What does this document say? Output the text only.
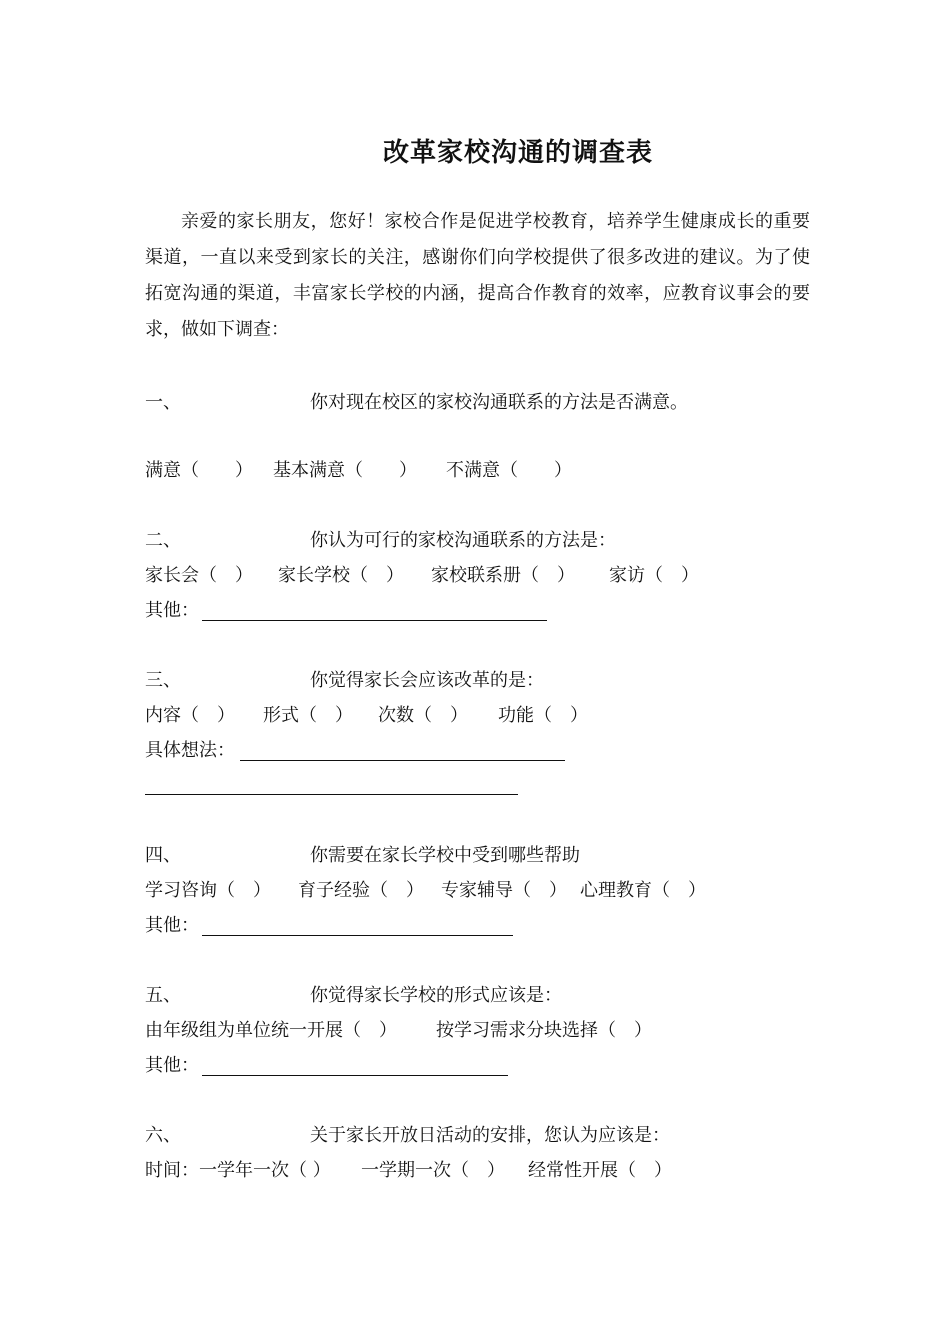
改革家校沟通的调查表
亲爱的家长朋友，您好！家校合作是促进学校教育，培养学生健康成长的重要渠道，一直以来受到家长的关注，感谢你们向学校提供了很多改进的建议。为了使拓宽沟通的渠道，丰富家长学校的内涵，提高合作教育的效率，应教育议事会的要求，做如下调查：
一、	你对现在校区的家校沟通联系的方法是否满意。
满意（　　） 基本满意（　　） 不满意（　　）
二、	你认为可行的家校沟通联系的方法是：
家长会（　） 家长学校（　） 家校联系册（　） 家访（　）
其他：
三、	你觉得家长会应该改革的是：
内容（　） 形式（　） 次数（　） 功能（　）
具体想法：
四、	你需要在家长学校中受到哪些帮助
学习咨询（　） 育子经验（　） 专家辅导（　） 心理教育（　）
其他：
五、	你觉得家长学校的形式应该是：
由年级组为单位统一开展（　） 按学习需求分块选择（　）
其他：
六、	关于家长开放日活动的安排，您认为应该是：
时间：一学年一次（ ） 一学期一次（　） 经常性开展（　）
